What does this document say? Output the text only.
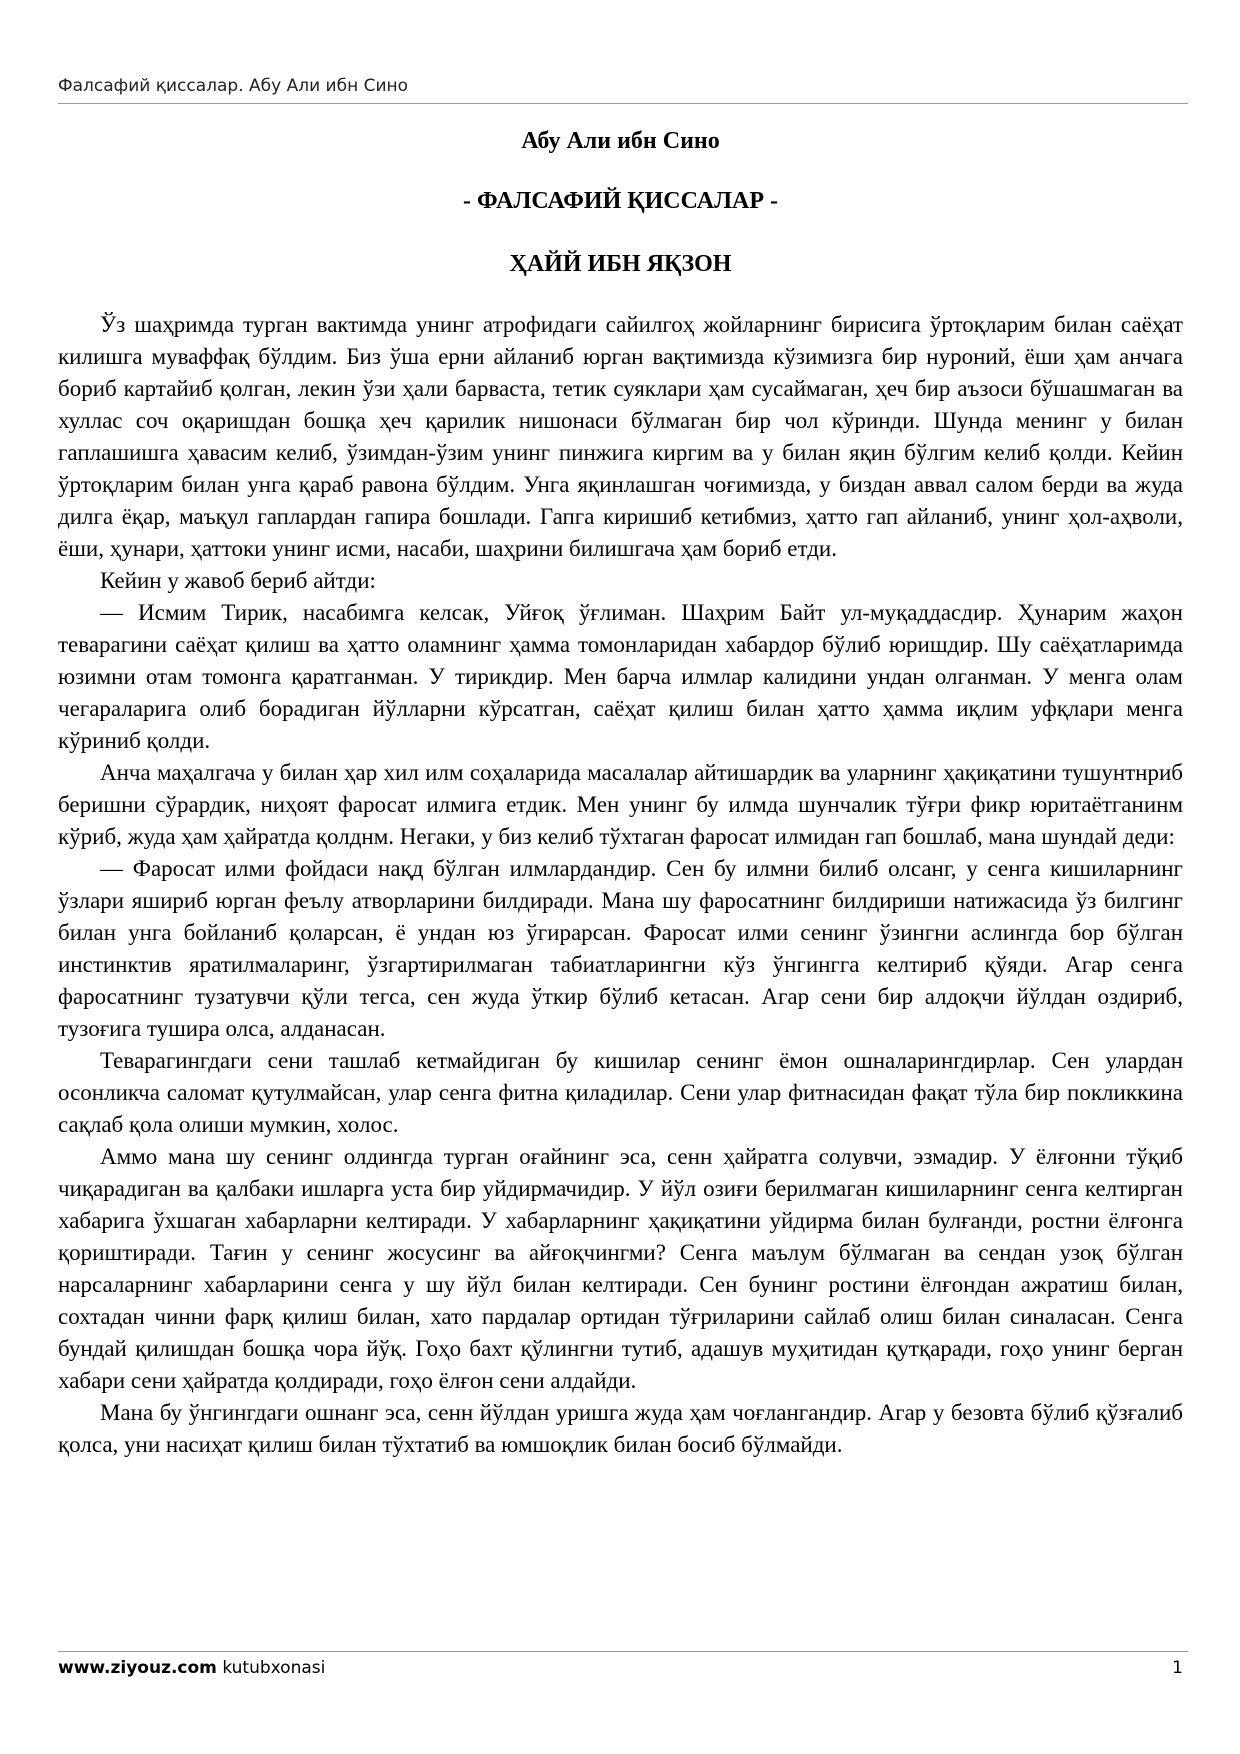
Фалсафий қиссалар. Абу Али ибн Сино
Абу Али ибн Сино
- ФАЛСАФИЙ ҚИССАЛАР -
ҲАЙЙ ИБН ЯҚЗОН

Ўз шаҳримда турган вактимда унинг атрофидаги сайилгоҳ жойларнинг бирисига ўртоқларим билан саёҳат килишга муваффақ бўлдим. Биз ўша ерни айланиб юрган вақтимизда кўзимизга бир нуроний, ёши ҳам анчага бориб картайиб қолган, лекин ўзи ҳали барваста, тетик суяклари ҳам сусаймаган, ҳеч бир аъзоси бўшашмаган ва хуллас соч оқаришдан бошқа ҳеч қарилик нишонаси бўлмаган бир чол кўринди. Шунда менинг у билан гаплашишга ҳавасим келиб, ўзимдан-ўзим унинг пинжига киргим ва у билан яқин бўлгим келиб қолди. Кейин ўртоқларим билан унга қараб равона бўлдим. Унга яқинлашган чоғимизда, у биздан аввал салом берди ва жуда дилга ёқар, маъқул гаплардан гапира бошлади. Гапга киришиб кетибмиз, ҳатто гап айланиб, унинг ҳол-аҳволи, ёши, ҳунари, ҳаттоки унинг исми, насаби, шаҳрини билишгача ҳам бориб етди.

Кейин у жавоб бериб айтди:

— Исмим Тирик, насабимга келсак, Уйғоқ ўғлиман. Шаҳрим Байт ул-муқаддасдир. Ҳунарим жаҳон теварагини саёҳат қилиш ва ҳатто оламнинг ҳамма томонларидан хабардор бўлиб юришдир. Шу саёҳатларимда юзимни отам томонга қаратганман. У тирикдир. Мен барча илмлар калидини ундан олганман. У менга олам чегараларига олиб борадиган йўлларни кўрсатган, саёҳат қилиш билан ҳатто ҳамма иқлим уфқлари менга кўриниб қолди.

Анча маҳалгача у билан ҳар хил илм соҳаларида масалалар айтишардик ва уларнинг ҳақиқатини тушунтнриб беришни сўрардик, ниҳоят фаросат илмига етдик. Мен унинг бу илмда шунчалик тўғри фикр юритаётганинм кўриб, жуда ҳам ҳайратда қолднм. Негаки, у биз келиб тўхтаган фаросат илмидан гап бошлаб, мана шундай деди:

— Фаросат илми фойдаси нақд бўлган илмлардандир. Сен бу илмни билиб олсанг, у сенга кишиларнинг ўзлари яшириб юрган феълу атворларини билдиради. Мана шу фаросатнинг билдириши натижасида ўз билгинг билан унга бойланиб қоларсан, ё ундан юз ўгирарсан. Фаросат илми сенинг ўзингни аслингда бор бўлган инстинктив яратилмаларинг, ўзгартирилмаган табиатларингни кўз ўнгингга келтириб қўяди. Агар сенга фаросатнинг тузатувчи қўли тегса, сен жуда ўткир бўлиб кетасан. Агар сени бир алдоқчи йўлдан оздириб, тузоғига тушира олса, алданасан.

Теварагингдаги сени ташлаб кетмайдиган бу кишилар сенинг ёмон ошналарингдирлар. Сен улардан осонликча саломат қутулмайсан, улар сенга фитна қиладилар. Сени улар фитнасидан фақат тўла бир покликкина сақлаб қола олиши мумкин, холос.

Аммо мана шу сенинг олдингда турган оғайнинг эса, сенн ҳайратга солувчи, эзмадир. У ёлғонни тўқиб чиқарадиган ва қалбаки ишларга уста бир уйдирмачидир. У йўл озиғи берилмаган кишиларнинг сенга келтирган хабарига ўхшаган хабарларни келтиради. У хабарларнинг ҳақиқатини уйдирма билан булғанди, ростни ёлғонга қориштиради. Тағин у сенинг жосусинг ва айғоқчингми? Сенга маълум бўлмаган ва сендан узоқ бўлган нарсаларнинг хабарларини сенга у шу йўл билан келтиради. Сен бунинг ростини ёлғондан ажратиш билан, сохтадан чинни фарқ қилиш билан, хато пардалар ортидан тўғриларини сайлаб олиш билан синаласан. Сенга бундай қилишдан бошқа чора йўқ. Гоҳо бахт қўлингни тутиб, адашув муҳитидан қутқаради, гоҳо унинг берган хабари сени ҳайратда қолдиради, гоҳо ёлғон сени алдайди.

Мана бу ўнгингдаги ошнанг эса, сенн йўлдан уришга жуда ҳам чоғлангандир. Агар у безовта бўлиб қўзғалиб қолса, уни насиҳат қилиш билан тўхтатиб ва юмшоқлик билан босиб бўлмайди.

www.ziyouz.com kutubxonasi	1
